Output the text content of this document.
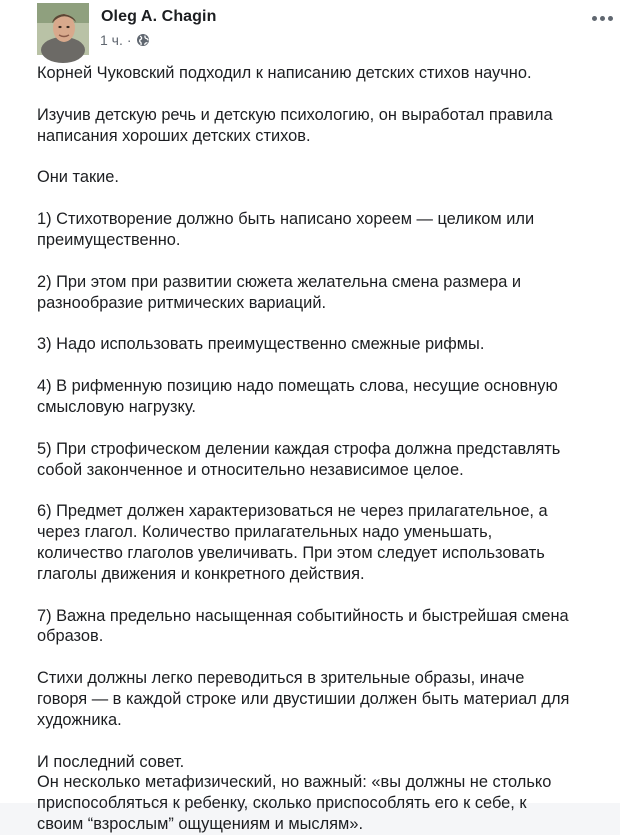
Oleg A. Chagin
1 ч. ·

Корней Чуковский подходил к написанию детских стихов научно.

Изучив детскую речь и детскую психологию, он выработал правила
написания хороших детских стихов.

Они такие.

1) Стихотворение должно быть написано хореем — целиком или
преимущественно.

2) При этом при развитии сюжета желательна смена размера и
разнообразие ритмических вариаций.

3) Надо использовать преимущественно смежные рифмы.

4) В рифменную позицию надо помещать слова, несущие основную
смысловую нагрузку.

5) При строфическом делении каждая строфа должна представлять
собой законченное и относительно независимое целое.

6) Предмет должен характеризоваться не через прилагательное, а
через глагол. Количество прилагательных надо уменьшать,
количество глаголов увеличивать. При этом следует использовать
глаголы движения и конкретного действия.

7) Важна предельно насыщенная событийность и быстрейшая смена
образов.

Стихи должны легко переводиться в зрительные образы, иначе
говоря — в каждой строке или двустишии должен быть материал для
художника.

И последний совет.
Он несколько метафизический, но важный: «вы должны не столько
приспособляться к ребенку, сколько приспособлять его к себе, к
своим “взрослым” ощущениям и мыслям».
